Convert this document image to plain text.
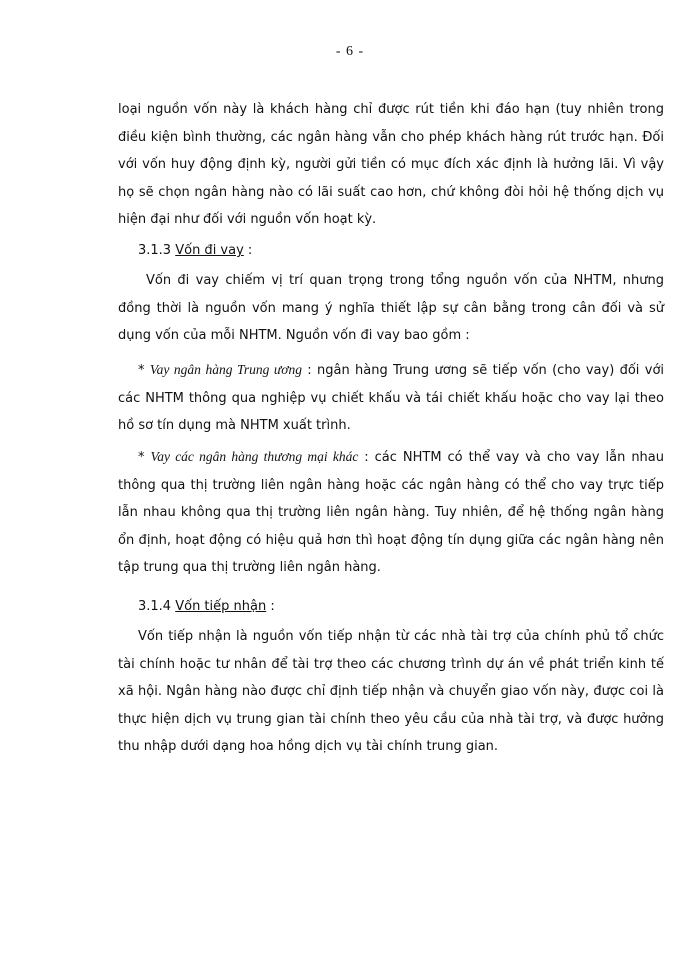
- 6 -

loại nguồn vốn này là khách hàng chỉ được rút tiền khi đáo hạn (tuy nhiên trong điều kiện bình thường, các ngân hàng vẫn cho phép khách hàng rút trước hạn. Đối với vốn huy động định kỳ, người gửi tiền có mục đích xác định là hưởng lãi. Vì vậy họ sẽ chọn ngân hàng nào có lãi suất cao hơn, chứ không đòi hỏi hệ thống dịch vụ hiện đại như đối với nguồn vốn hoạt kỳ.

3.1.3 Vốn đi vay :

Vốn đi vay chiếm vị trí quan trọng trong tổng nguồn vốn của NHTM, nhưng đồng thời là nguồn vốn mang ý nghĩa thiết lập sự cân bằng trong cân đối và sử dụng vốn của mỗi NHTM. Nguồn vốn đi vay bao gồm :

* Vay ngân hàng Trung ương : ngân hàng Trung ương sẽ tiếp vốn (cho vay) đối với các NHTM thông qua nghiệp vụ chiết khấu và tái chiết khấu hoặc cho vay lại theo hồ sơ tín dụng mà NHTM xuất trình.

* Vay các ngân hàng thương mại khác : các NHTM có thể vay và cho vay lẫn nhau thông qua thị trường liên ngân hàng hoặc các ngân hàng có thể cho vay trực tiếp lẫn nhau không qua thị trường liên ngân hàng. Tuy nhiên, để hệ thống ngân hàng ổn định, hoạt động có hiệu quả hơn thì hoạt động tín dụng giữa các ngân hàng nên tập trung qua thị trường liên ngân hàng.

3.1.4 Vốn tiếp nhận :

Vốn tiếp nhận là nguồn vốn tiếp nhận từ các nhà tài trợ của chính phủ tổ chức tài chính hoặc tư nhân để tài trợ theo các chương trình dự án về phát triển kinh tế xã hội. Ngân hàng nào được chỉ định tiếp nhận và chuyển giao vốn này, được coi là thực hiện dịch vụ trung gian tài chính theo yêu cầu của nhà tài trợ, và được hưởng thu nhập dưới dạng hoa hồng dịch vụ tài chính trung gian.
